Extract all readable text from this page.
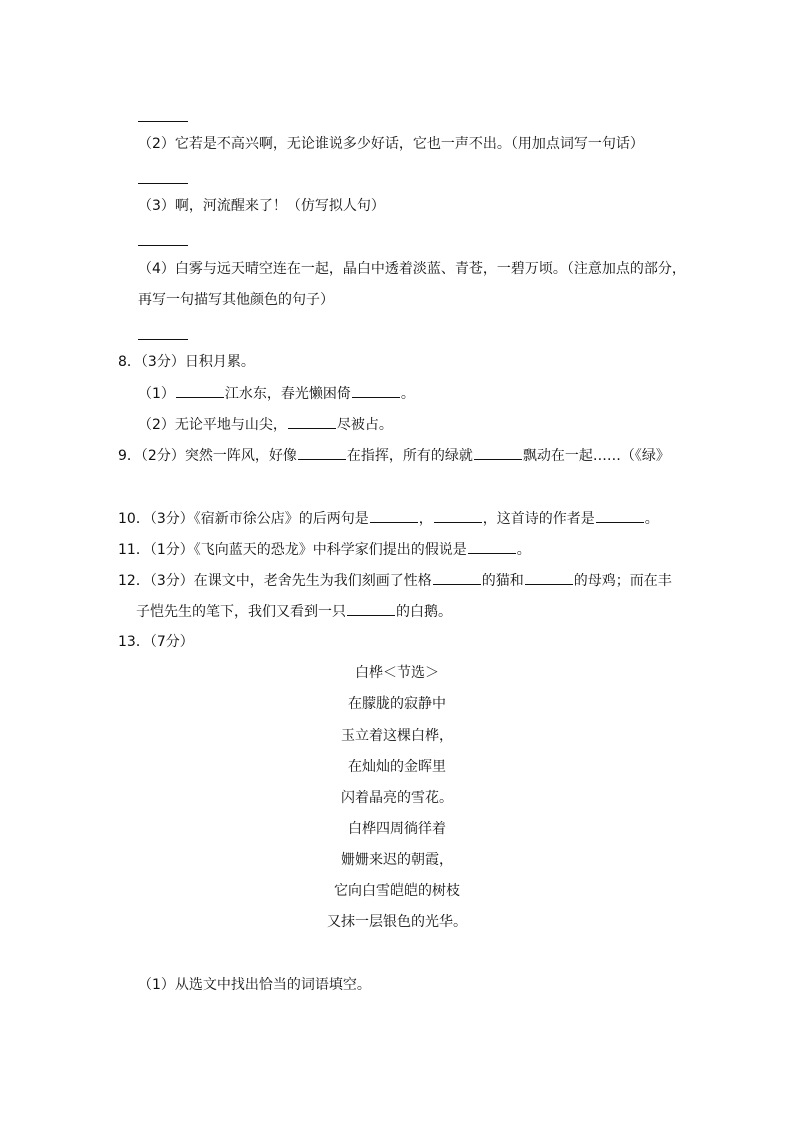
（2）它若是不高兴啊，无论谁说多少好话，它也一声不出。（用加点词写一句话）
（3）啊，河流醒来了！（仿写拟人句）
（4）白雾与远天晴空连在一起，晶白中透着淡蓝、青苍，一碧万顷。（注意加点的部分，
再写一句描写其他颜色的句子）
8．（3分）日积月累。
（1）	江水东，春光懒困倚	。
（2）无论平地与山尖，	尽被占。
9．（2分）突然一阵风，好像	在指挥，所有的绿就	飘动在一起……（《绿》
10．（3分）《宿新市徐公店》的后两句是	，	，这首诗的作者是	。
11．（1分）《飞向蓝天的恐龙》中科学家们提出的假说是	。
12．（3分）在课文中，老舍先生为我们刻画了性格	的猫和	的母鸡；而在丰
子恺先生的笔下，我们又看到一只	的白鹅。
13．（7分）
白桦＜节选＞
在朦胧的寂静中
玉立着这棵白桦，
在灿灿的金晖里
闪着晶亮的雪花。
白桦四周徜徉着
姗姗来迟的朝霞，
它向白雪皑皑的树枝
又抹一层银色的光华。
（1）从选文中找出恰当的词语填空。
